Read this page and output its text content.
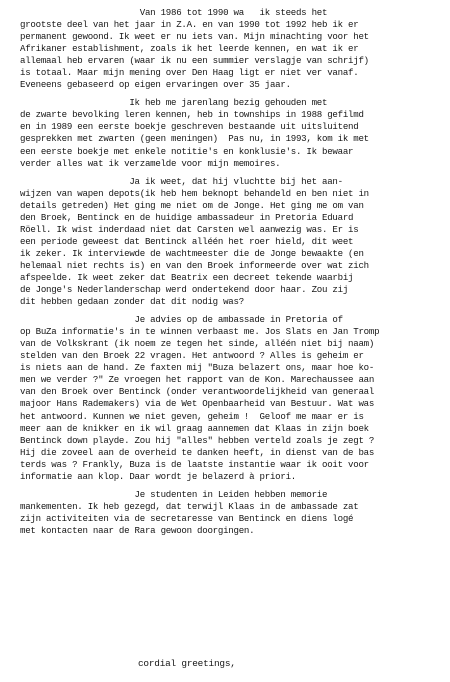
Van 1986 tot 1990 wa   ik steeds het
grootste deel van het jaar in Z.A. en van 1990 tot 1992 heb ik er
permanent gewoond. Ik weet er nu iets van. Mijn minachting voor het
Afrikaner establishment, zoals ik het leerde kennen, en wat ik er
allemaal heb ervaren (waar ik nu een summier verslagje van schrijf)
is totaal. Maar mijn mening over Den Haag ligt er niet ver vanaf.
Eveneens gebaseerd op eigen ervaringen over 35 jaar.
Ik heb me jarenlang bezig gehouden met
de zwarte bevolking leren kennen, heb in townships in 1988 gefilmd
en in 1989 een eerste boekje geschreven bestaande uit uitsluitend
gesprekken met zwarten (geen meningen)  Pas nu, in 1993, kom ik met
een eerste boekje met enkele notitie's en konklusie's. Ik bewaar
verder alles wat ik verzamelde voor mijn memoires.
Ja ik weet, dat hij vluchtte bij het aan-
wijzen van wapen depots(ik heb hem beknopt behandeld en ben niet in
details getreden) Het ging me niet om de Jonge. Het ging me om van
den Broek, Bentinck en de huidige ambassadeur in Pretoria Eduard
Röell. Ik wist inderdaad niet dat Carsten wel aanwezig was. Er is
een periode geweest dat Bentinck alléén het roer hield, dit weet
ik zeker. Ik interviewde de wachtmeester die de Jonge bewaakte (en
helemaal niet rechts is) en van den Broek informeerde over wat zich
afspeelde. Ik weet zeker dat Beatrix een decreet tekende waarbij
de Jonge's Nederlanderschap werd ondertekend door haar. Zou zij
dit hebben gedaan zonder dat dit nodig was?
Je advies op de ambassade in Pretoria of
op BuZa informatie's in te winnen verbaast me. Jos Slats en Jan Tromp
van de Volkskrant (ik noem ze tegen het sinde, alléén niet bij naam)
stelden van den Broek 22 vragen. Het antwoord ? Alles is geheim er
is niets aan de hand. Ze faxten mij "Buza belazert ons, maar hoe ko-
men we verder ?" Ze vroegen het rapport van de Kon. Marechaussee aan
van den Broek over Bentinck (onder verantwoordelijkheid van generaal
majoor Hans Rademakers) via de Wet Openbaarheid van Bestuur. Wat was
het antwoord. Kunnen we niet geven, geheim !  Geloof me maar er is
meer aan de knikker en ik wil graag aannemen dat Klaas in zijn boek
Bentinck down playde. Zou hij "alles" hebben verteld zoals je zegt ?
Hij die zoveel aan de overheid te danken heeft, in dienst van de bas
terds was ? Frankly, Buza is de laatste instantie waar ik ooit voor
informatie aan klop. Daar wordt je belazerd à priori.
Je studenten in Leiden hebben memorie
mankementen. Ik heb gezegd, dat terwijl Klaas in de ambassade zat
zijn activiteiten via de secretaresse van Bentinck en diens logé
met kontacten naar de Rara gewoon doorgingen.
cordial greetings,
